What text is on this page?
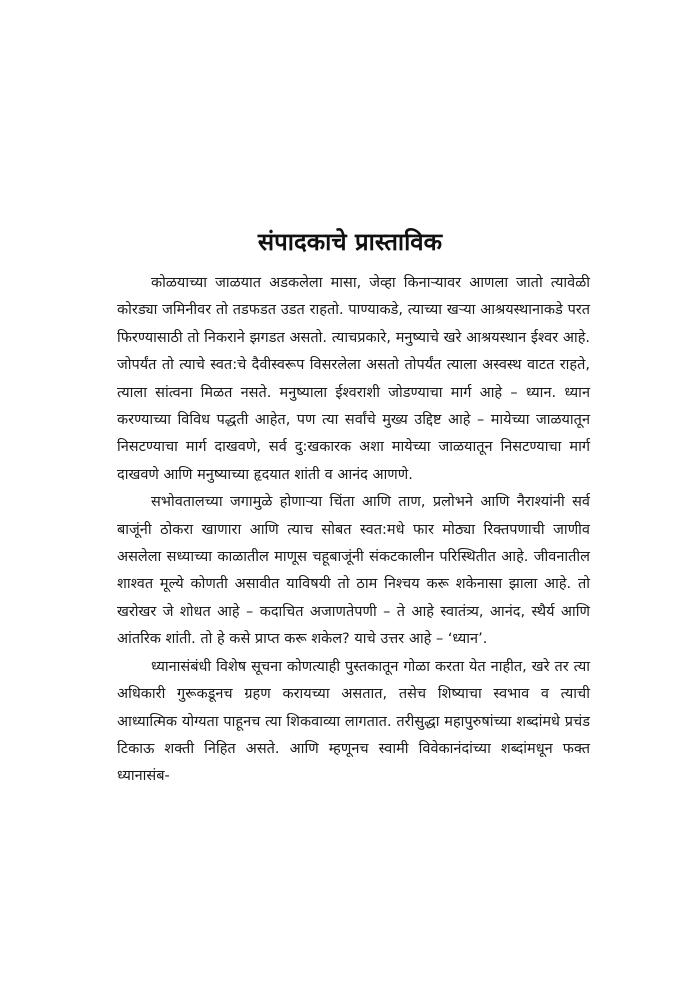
संपादकाचे प्रास्ताविक

कोळयाच्या जाळयात अडकलेला मासा, जेव्हा किनाऱ्यावर आणला जातो त्यावेळी कोरड्या जमिनीवर तो तडफडत उडत राहतो. पाण्याकडे, त्याच्या खऱ्या आश्रयस्थानाकडे परत फिरण्यासाठी तो निकराने झगडत असतो. त्याचप्रकारे, मनुष्याचे खरे आश्रयस्थान ईश्वर आहे. जोपर्यंत तो त्याचे स्वत:चे दैवीस्वरूप विसरलेला असतो तोपर्यंत त्याला अस्वस्थ वाटत राहते, त्याला सांत्वना मिळत नसते. मनुष्याला ईश्वराशी जोडण्याचा मार्ग आहे – ध्यान. ध्यान करण्याच्या विविध पद्धती आहेत, पण त्या सर्वांचे मुख्य उद्दिष्ट आहे – मायेच्या जाळयातून निसटण्याचा मार्ग दाखवणे, सर्व दु:खकारक अशा मायेच्या जाळयातून निसटण्याचा मार्ग दाखवणे आणि मनुष्याच्या हृदयात शांती व आनंद आणणे.

सभोवतालच्या जगामुळे होणाऱ्या चिंता आणि ताण, प्रलोभने आणि नैराश्यांनी सर्व बाजूंनी ठोकरा खाणारा आणि त्याच सोबत स्वत:मधे फार मोठ्या रिक्तपणाची जाणीव असलेला सध्याच्या काळातील माणूस चहूबाजूंनी संकटकालीन परिस्थितीत आहे. जीवनातील शाश्वत मूल्ये कोणती असावीत याविषयी तो ठाम निश्चय करू शकेनासा झाला आहे. तो खरोखर जे शोधत आहे – कदाचित अजाणतेपणी – ते आहे स्वातंत्र्य, आनंद, स्थैर्य आणि आंतरिक शांती. तो हे कसे प्राप्त करू शकेल? याचे उत्तर आहे – ‘ध्यान’.

ध्यानासंबंधी विशेष सूचना कोणत्याही पुस्तकातून गोळा करता येत नाहीत, खरे तर त्या अधिकारी गुरूकडूनच ग्रहण करायच्या असतात, तसेच शिष्याचा स्वभाव व त्याची आध्यात्मिक योग्यता पाहूनच त्या शिकवाव्या लागतात. तरीसुद्धा महापुरुषांच्या शब्दांमधे प्रचंड टिकाऊ शक्ती निहित असते. आणि म्हणूनच स्वामी विवेकानंदांच्या शब्दांमधून फक्त ध्यानासंब-
